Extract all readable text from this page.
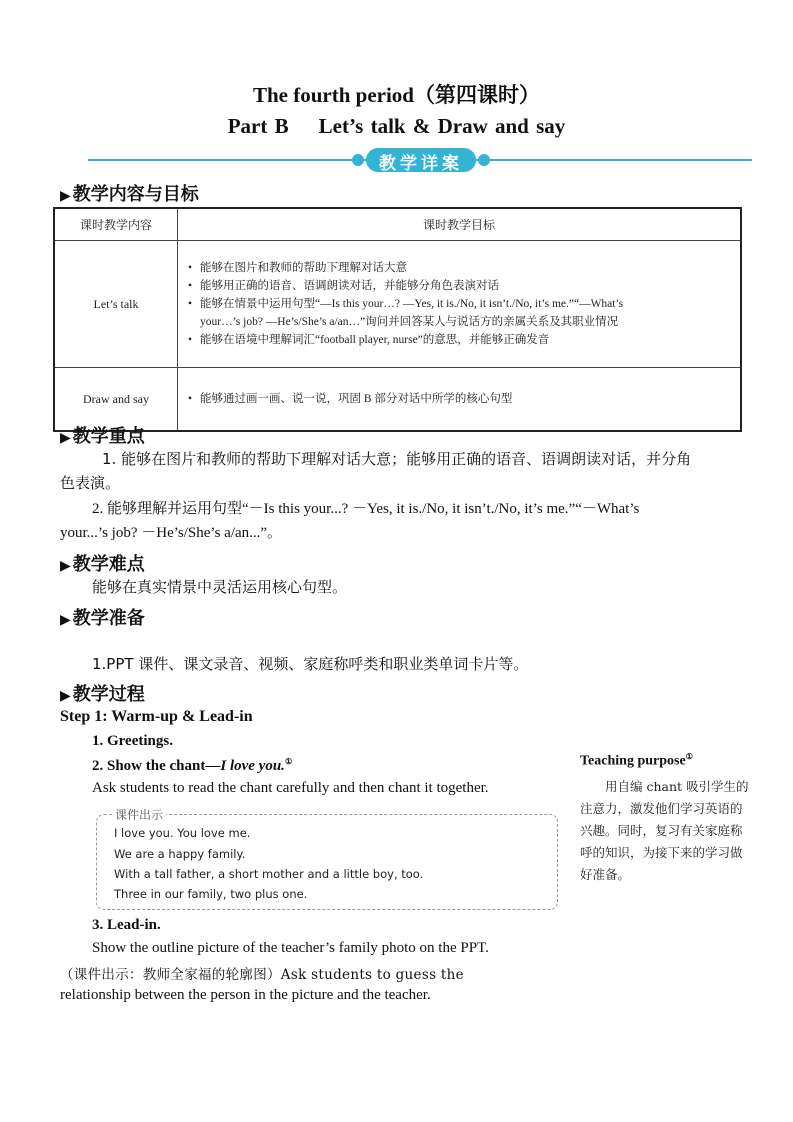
The fourth period（第四课时）
Part B Let’s talk & Draw and say
教学详案
▶ 教学内容与目标
课时教学内容	课时教学目标
Let’s talk	• 能够在图片和教师的帮助下理解对话大意
• 能够用正确的语音、语调朗读对话，并能够分角色表演对话
• 能够在情景中运用句型“—Is this your…? —Yes, it is./No, it isn’t./No, it’s me.”“—What’s
your…’s job? —He’s/She’s a/an…”询问并回答某人与说话方的亲属关系及其职业情况
• 能够在语境中理解词汇“football player, nurse”的意思，并能够正确发音

Draw and say	• 能够通过画一画、说一说，巩固 B 部分对话中所学的核心句型
▶ 教学重点
1. 能够在图片和教师的帮助下理解对话大意；能够用正确的语音、语调朗读对话，并分角
色表演。
2. 能够理解并运用句型“－Is this your...? －Yes, it is./No, it isn’t./No, it’s me.”“－What’s
your...’s job? －He’s/She’s a/an...”。
▶ 教学难点
能够在真实情景中灵活运用核心句型。
▶ 教学准备
1.PPT 课件、课文录音、视频、家庭称呼类和职业类单词卡片等。
▶ 教学过程
Step 1: Warm-up & Lead-in
1. Greetings.
2. Show the chant—I love you.①
Ask students to read the chant carefully and then chant it together.
课件出示
I love you. You love me.
We are a happy family.
With a tall father, a short mother and a little boy, too.
Three in our family, two plus one.
3. Lead-in.
Show the outline picture of the teacher’s family photo on the PPT.
（课件出示：教师全家福的轮廓图）Ask students to guess the
relationship between the person in the picture and the teacher.
Teaching purpose①
用自编 chant 吸引学生的注意力，激发他们学习英语的兴趣。同时，复习有关家庭称呼的知识，为接下来的学习做好准备。
